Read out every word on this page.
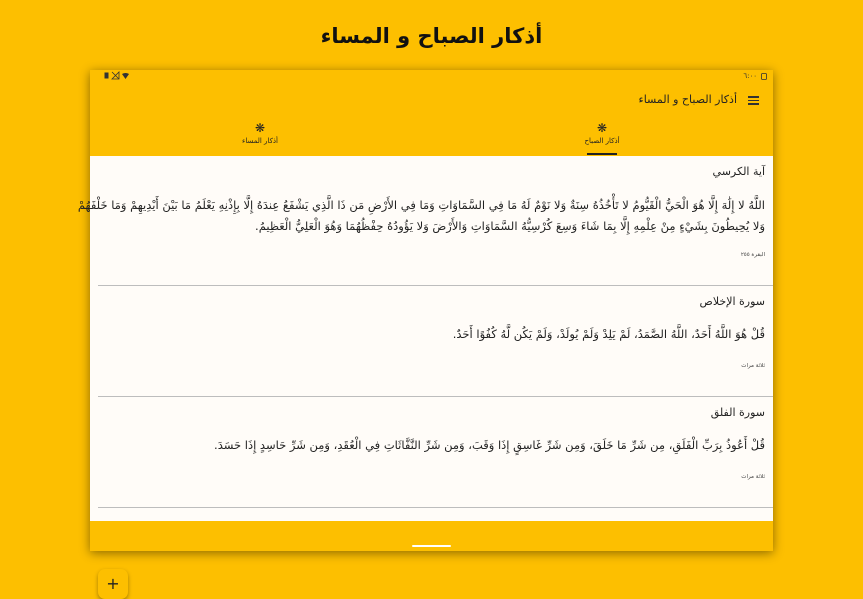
أذكار الصباح و المساء
٦:٠٠
أذكار الصباح و المساء
❋
أذكار الصباح
❋
أذكار المساء
آية الكرسي
اللَّهُ لا إِلَٰهَ إِلَّا هُوَ الْحَيُّ الْقَيُّومُ لا تَأْخُذُهُ سِنَةٌ وَلا نَوْمٌ لَهُ مَا فِي السَّمَاوَاتِ وَمَا فِي الأَرْضِ مَن ذَا الَّذِي يَشْفَعُ عِندَهُ إِلَّا بِإِذْنِهِ يَعْلَمُ مَا بَيْنَ أَيْدِيهِمْ وَمَا خَلْفَهُمْ
وَلا يُحِيطُونَ بِشَيْءٍ مِنْ عِلْمِهِ إِلَّا بِمَا شَاءَ وَسِعَ كُرْسِيُّهُ السَّمَاوَاتِ وَالأَرْضَ وَلا يَؤُودُهُ حِفْظُهُمَا وَهُوَ الْعَلِيُّ الْعَظِيمُ.
البقرة ٢٥٥
سورة الإخلاص
قُلْ هُوَ اللَّهُ أَحَدٌ، اللَّهُ الصَّمَدُ، لَمْ يَلِدْ وَلَمْ يُولَدْ، وَلَمْ يَكُن لَّهُ كُفُوًا أَحَدٌ.
ثلاثة مرات
سورة الفلق
قُلْ أَعُوذُ بِرَبِّ الْفَلَقِ، مِن شَرِّ مَا خَلَقَ، وَمِن شَرِّ غَاسِقٍ إِذَا وَقَبَ، وَمِن شَرِّ النَّفَّاثَاتِ فِي الْعُقَدِ، وَمِن شَرِّ حَاسِدٍ إِذَا حَسَدَ.
ثلاثة مرات
+
